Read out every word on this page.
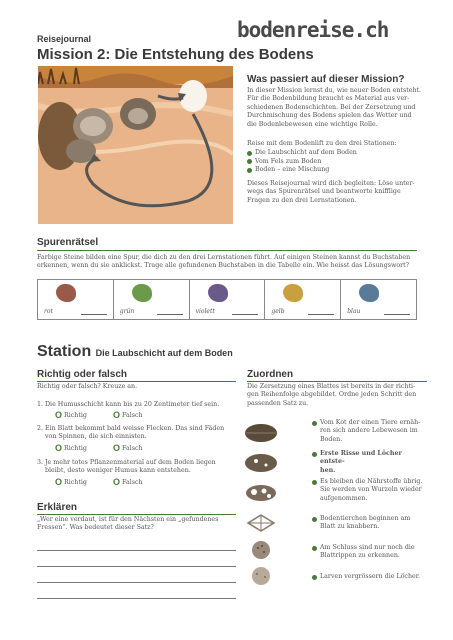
Reisejournal
Mission 2: Die Entstehung des Bodens
bodenreise.ch
Was passiert auf dieser Mission?
In dieser Mission lernst du, wie neuer Boden entsteht.
Für die Bodenbildung braucht es Material aus ver-
schiedenen Bodenschichten. Bei der Zersetzung und
Durchmischung des Bodens spielen das Wetter und
die Bodenlebewesen eine wichtige Rolle.
Reise mit dem Bodenlift zu den drei Stationen:
Die Laubschicht auf dem Boden
Vom Fels zum Boden
Boden – eine Mischung
Dieses Reisejournal wird dich begleiten: Löse unter-
wegs das Spurenrätsel und beantworte knifflige
Fragen zu den drei Lernstationen.
Spurenrätsel
Farbige Steine bilden eine Spur, die dich zu den drei Lernstationen führt. Auf einigen Steinen kannst du Buchstaben
erkennen, wenn du sie anklickst. Trage alle gefundenen Buchstaben in die Tabelle ein. Wie heisst das Lösungswort?
rot	grün	violett	gelb	blau
Station Die Laubschicht auf dem Boden
Richtig oder falsch
Richtig oder falsch? Kreuze an.
1. Die Humusschicht kann bis zu 20 Zentimeter tief sein.
O Richtig	O Falsch
2. Ein Blatt bekommt bald weisse Flecken. Das sind Fäden
von Spinnen, die sich einnisten.
O Richtig	O Falsch
3. Je mehr totes Pflanzenmaterial auf dem Boden liegen
bleibt, desto weniger Humus kann entstehen.
O Richtig	O Falsch
Erklären
„Wer eine verdaut, ist für den Nächsten ein „gefundenes
Fressen“. Was bedeutet dieser Satz?
Zuordnen
Die Zersetzung eines Blattes ist bereits in der richti-
gen Reihenfolge abgebildet. Ordne jeden Schritt den
passenden Satz zu.
Vom Kot der einen Tiere ernäh-
ren sich andere Lebewesen im
Boden.
Erste Risse und Löcher entste-
hen.
Es bleiben die Nährstoffe übrig.
Sie werden von Wurzeln wieder
aufgenommen.
Bodentierchen beginnen am
Blatt zu knabbern.
Am Schluss sind nur noch die
Blattrippen zu erkennen.
Larven vergrössern die Löcher.
